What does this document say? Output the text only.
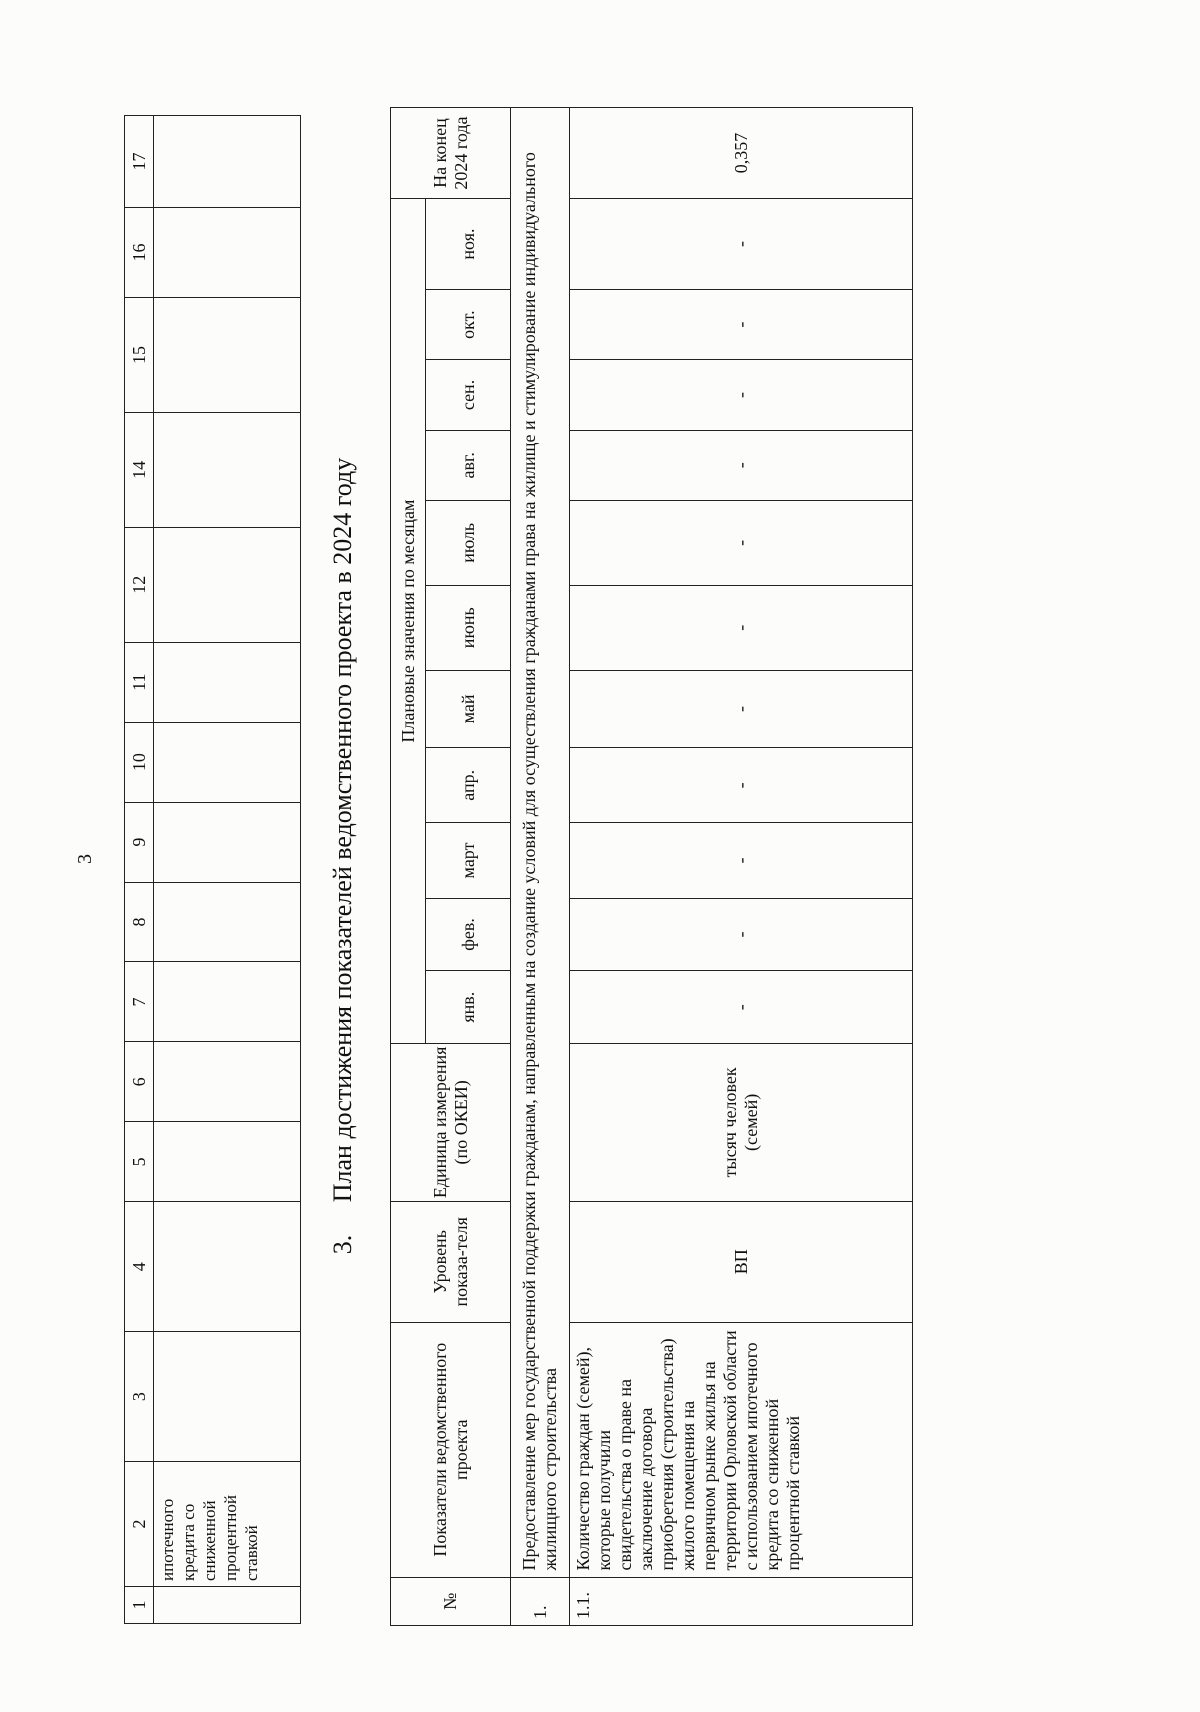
3
1	2	3	4	5	6	7	8	9	10	11	12	14	15	16	17
	ипотечного кредита со сниженной процентной ставкой														
3. План достижения показателей ведомственного проекта в 2024 году
№	Показатели ведомственного проекта	Уровень показа-теля	Единица измерения (по ОКЕИ)	Плановые значения по месяцам											На конец 2024 года
				янв.	фев.	март	апр.	май	июнь	июль	авг.	сен.	окт.	ноя.	
1.	Предоставление мер государственной поддержки гражданам, направленным на создание условий для осуществления гражданами права на жилище и стимулирование индивидуального жилищного строительства														
1.1.	Количество граждан (семей), которые получили свидетельства о праве на заключение договора приобретения (строительства) жилого помещения на первичном рынке жилья на территории Орловской области с использованием ипотечного кредита со сниженной процентной ставкой	ВП	тысяч человек (семей)	-	-	-	-	-	-	-	-	-	-	-	0,357
